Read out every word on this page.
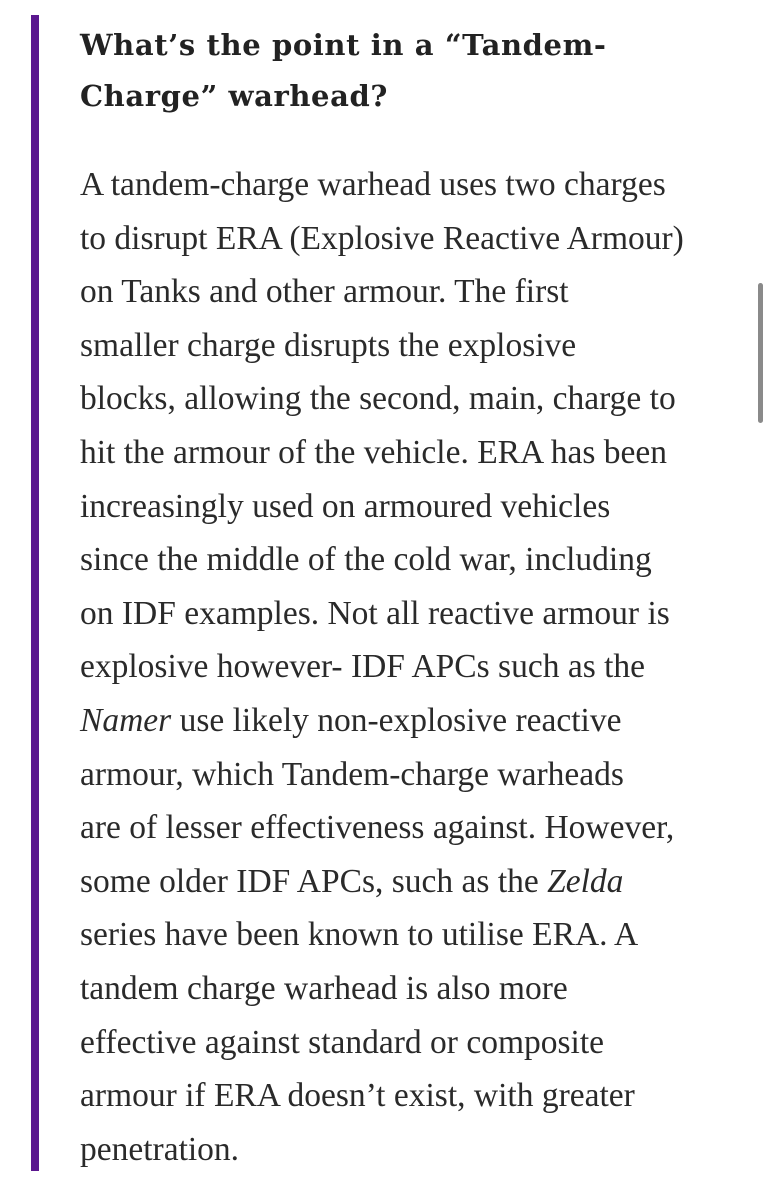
What’s the point in a “Tandem-Charge” warhead?

A tandem-charge warhead uses two charges
to disrupt ERA (Explosive Reactive Armour)
on Tanks and other armour. The first
smaller charge disrupts the explosive
blocks, allowing the second, main, charge to
hit the armour of the vehicle. ERA has been
increasingly used on armoured vehicles
since the middle of the cold war, including
on IDF examples. Not all reactive armour is
explosive however- IDF APCs such as the
Namer use likely non-explosive reactive
armour, which Tandem-charge warheads
are of lesser effectiveness against. However,
some older IDF APCs, such as the Zelda
series have been known to utilise ERA. A
tandem charge warhead is also more
effective against standard or composite
armour if ERA doesn’t exist, with greater
penetration.
